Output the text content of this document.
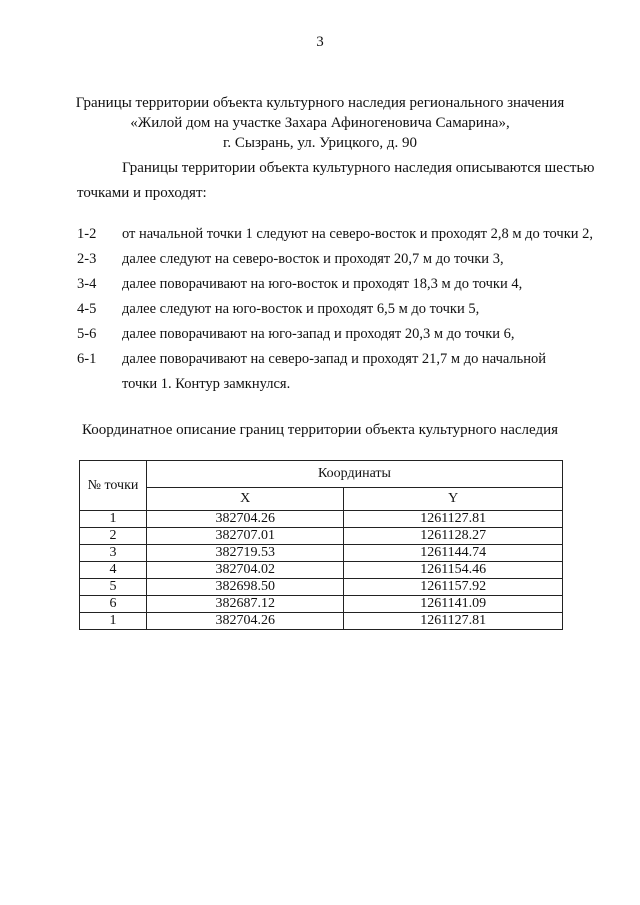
3
Границы территории объекта культурного наследия регионального значения
«Жилой дом на участке Захара Афиногеновича Самарина»,
г. Сызрань, ул. Урицкого, д. 90
Границы территории объекта культурного наследия описываются шестью
точками и проходят:
1-2	от начальной точки 1 следуют на северо-восток и проходят 2,8 м до точки 2,
2-3	далее следуют на северо-восток и проходят 20,7 м до точки 3,
3-4	далее поворачивают на юго-восток и проходят 18,3 м до точки 4,
4-5	далее следуют на юго-восток и проходят 6,5 м до точки 5,
5-6	далее поворачивают на юго-запад и проходят 20,3 м до точки 6,
6-1	далее поворачивают на северо-запад и проходят 21,7 м до начальной
точки 1. Контур замкнулся.
Координатное описание границ территории объекта культурного наследия
№ точки	Координаты	
	X	Y
1	382704.26	1261127.81
2	382707.01	1261128.27
3	382719.53	1261144.74
4	382704.02	1261154.46
5	382698.50	1261157.92
6	382687.12	1261141.09
1	382704.26	1261127.81
